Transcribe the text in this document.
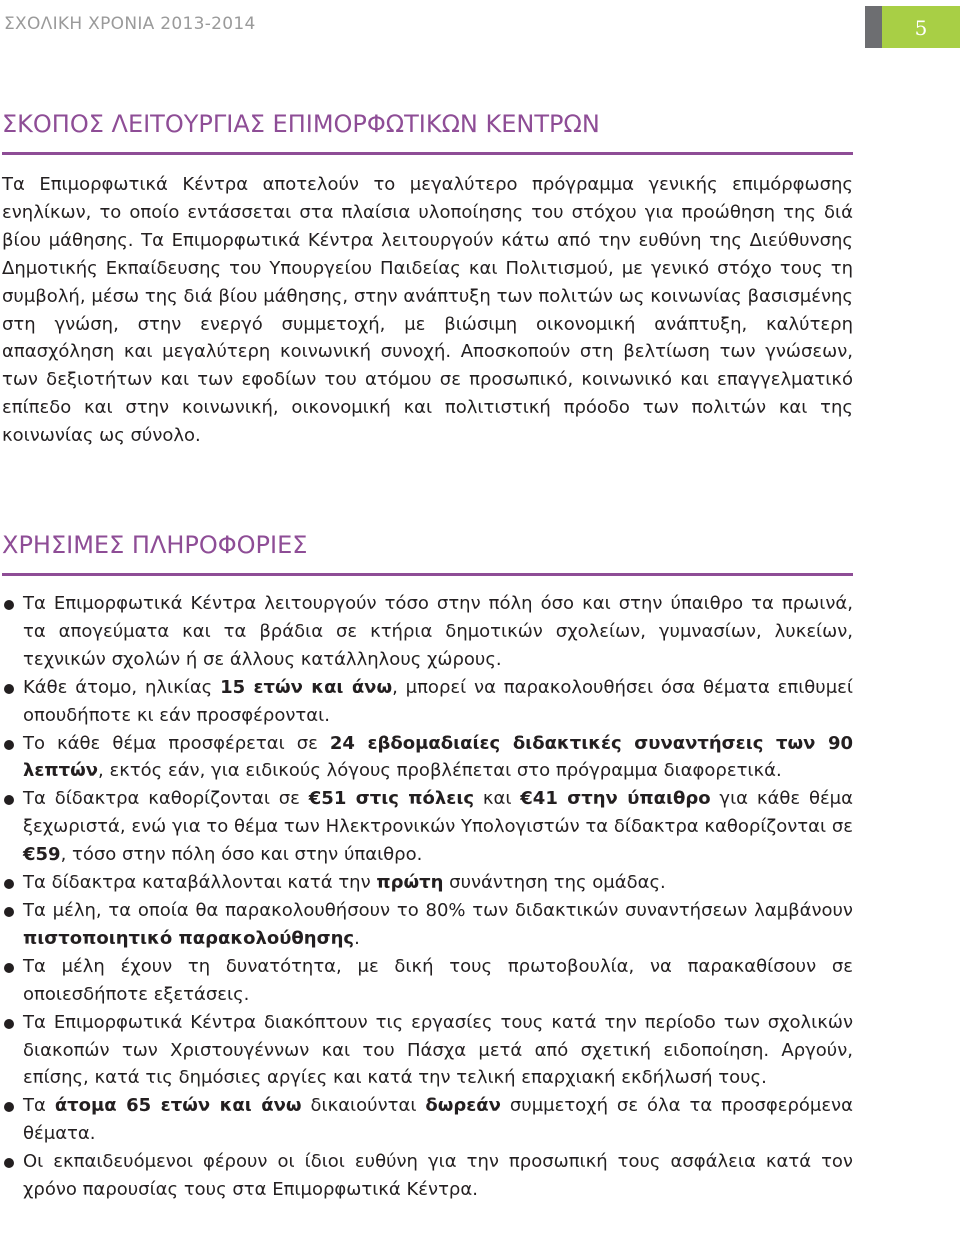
ΣΧΟΛΙΚΗ ΧΡΟΝΙΑ 2013-2014	5
ΣΚΟΠΟΣ ΛΕΙΤΟΥΡΓΙΑΣ ΕΠΙΜΟΡΦΩΤΙΚΩΝ ΚΕΝΤΡΩΝ

Τα Επιμορφωτικά Κέντρα αποτελούν το μεγαλύτερο πρόγραμμα γενικής επιμόρφωσης ενηλίκων, το οποίο εντάσσεται στα πλαίσια υλοποίησης του στόχου για προώθηση της διά βίου μάθησης. Τα Επιμορφωτικά Κέντρα λειτουργούν κάτω από την ευθύνη της Διεύθυνσης Δημοτικής Εκπαίδευσης του Υπουργείου Παιδείας και Πολιτισμού, με γενικό στόχο τους τη συμβολή, μέσω της διά βίου μάθησης, στην ανάπτυξη των πολιτών ως κοινωνίας βασισμένης στη γνώση, στην ενεργό συμμετοχή, με βιώσιμη οικονομική ανάπτυξη, καλύτερη απασχόληση και μεγαλύτερη κοινωνική συνοχή. Αποσκοπούν στη βελτίωση των γνώσεων, των δεξιοτήτων και των εφοδίων του ατόμου σε προσωπικό, κοινωνικό και επαγγελματικό επίπεδο και στην κοινωνική, οικονομική και πολιτιστική πρόοδο των πολιτών και της κοινωνίας ως σύνολο.

ΧΡΗΣΙΜΕΣ ΠΛΗΡΟΦΟΡΙΕΣ
Τα Επιμορφωτικά Κέντρα λειτουργούν τόσο στην πόλη όσο και στην ύπαιθρο τα πρωινά, τα απογεύματα και τα βράδια σε κτήρια δημοτικών σχολείων, γυμνασίων, λυκείων, τεχνικών σχολών ή σε άλλους κατάλληλους χώρους.
Κάθε άτομο, ηλικίας 15 ετών και άνω, μπορεί να παρακολουθήσει όσα θέματα επιθυμεί οπουδήποτε κι εάν προσφέρονται.
Το κάθε θέμα προσφέρεται σε 24 εβδομαδιαίες διδακτικές συναντήσεις των 90 λεπτών, εκτός εάν, για ειδικούς λόγους προβλέπεται στο πρόγραμμα διαφορετικά.
Τα δίδακτρα καθορίζονται σε €51 στις πόλεις και €41 στην ύπαιθρο για κάθε θέμα ξεχωριστά, ενώ για το θέμα των Ηλεκτρονικών Υπολογιστών τα δίδακτρα καθορίζονται σε €59, τόσο στην πόλη όσο και στην ύπαιθρο.
Τα δίδακτρα καταβάλλονται κατά την πρώτη συνάντηση της ομάδας.
Τα μέλη, τα οποία θα παρακολουθήσουν το 80% των διδακτικών συναντήσεων λαμβάνουν πιστοποιητικό παρακολούθησης.
Τα μέλη έχουν τη δυνατότητα, με δική τους πρωτοβουλία, να παρακαθίσουν σε οποιεσδήποτε εξετάσεις.
Τα Επιμορφωτικά Κέντρα διακόπτουν τις εργασίες τους κατά την περίοδο των σχολικών διακοπών των Χριστουγέννων και του Πάσχα μετά από σχετική ειδοποίηση. Αργούν, επίσης, κατά τις δημόσιες αργίες και κατά την τελική επαρχιακή εκδήλωσή τους.
Τα άτομα 65 ετών και άνω δικαιούνται δωρεάν συμμετοχή σε όλα τα προσφερόμενα θέματα.
Οι εκπαιδευόμενοι φέρουν οι ίδιοι ευθύνη για την προσωπική τους ασφάλεια κατά τον χρόνο παρουσίας τους στα Επιμορφωτικά Κέντρα.
